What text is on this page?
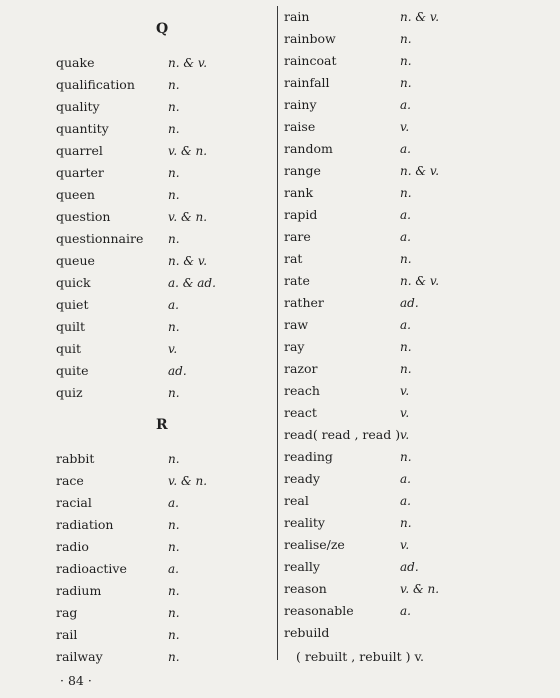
Q
quake	n. & v.
qualification	n.
quality	n.
quantity	n.
quarrel	v. & n.
quarter	n.
queen	n.
question	v. & n.
questionnaire n.
queue	n. & v.
quick	a. & ad.
quiet	a.
quilt	n.
quit	v.
quite	ad.
quiz	n.
R
rabbit	n.
race	v. & n.
racial	a.
radiation	n.
radio	n.
radioactive	a.
radium	n.
rag	n.
rail	n.
railway	n.
rain	n. & v.
rainbow	n.
raincoat	n.
rainfall	n.
rainy	a.
raise	v.
random	a.
range	n. & v.
rank	n.
rapid	a.
rare	a.
rat	n.
rate	n. & v.
rather	ad.
raw	a.
ray	n.
razor	n.
reach	v.
react	v.
read( read , read ) v.
reading	n.
ready	a.
real	a.
reality	n.
realise/ze	v.
really	ad.
reason	v. & n.
reasonable	a.
rebuild
( rebuilt , rebuilt ) v.
· 84 ·
